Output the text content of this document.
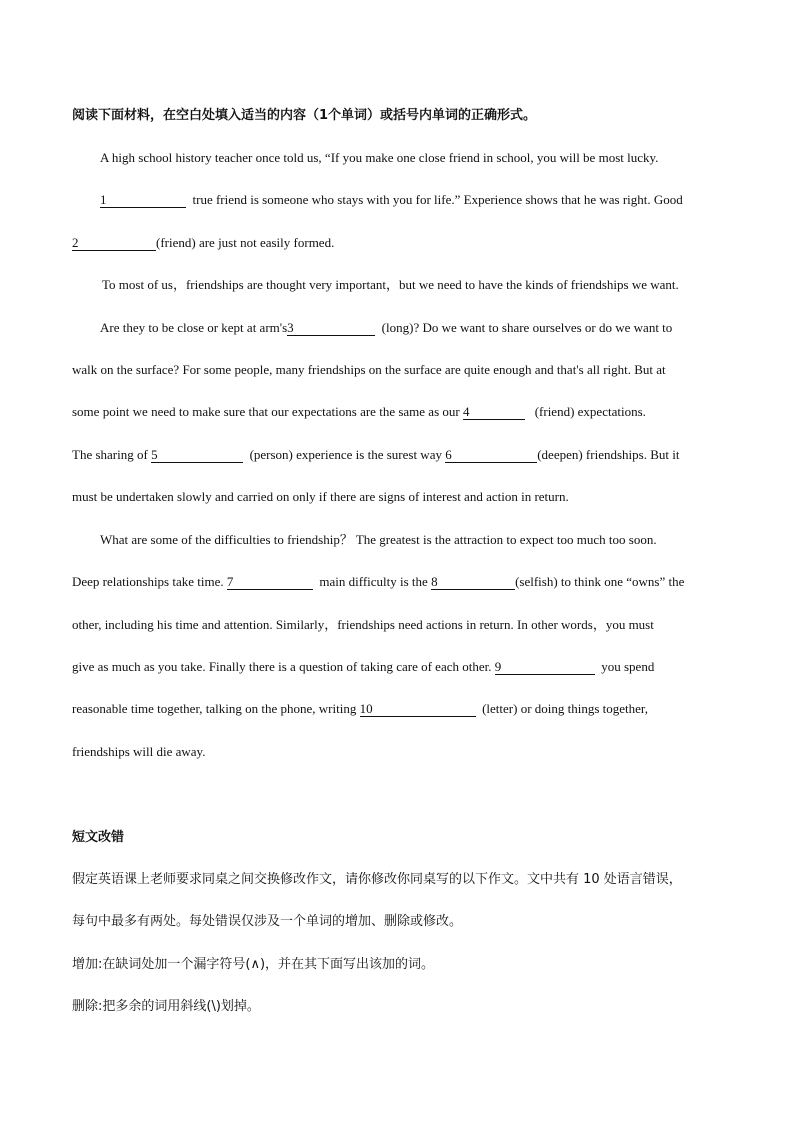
阅读下面材料，在空白处填入适当的内容（1个单词）或括号内单词的正确形式。
A high school history teacher once told us, “If you make one close friend in school, you will be most lucky.
1	true friend is someone who stays with you for life.” Experience shows that he was right. Good
2	(friend) are just not easily formed.
To most of us，friendships are thought very important，but we need to have the kinds of friendships we want.
Are they to be close or kept at arm's3	(long)? Do we want to share ourselves or do we want to
walk on the surface? For some people, many friendships on the surface are quite enough and that's all right. But at
some point we need to make sure that our expectations are the same as our 4	(friend) expectations.
The sharing of 5	(person) experience is the surest way 6	(deepen) friendships. But it
must be undertaken slowly and carried on only if there are signs of interest and action in return.
What are some of the difficulties to friendship？ The greatest is the attraction to expect too much too soon.
Deep relationships take time. 7	main difficulty is the 8	(selfish) to think one “owns” the
other, including his time and attention. Similarly，friendships need actions in return. In other words，you must
give as much as you take. Finally there is a question of taking care of each other. 9	you spend
reasonable time together, talking on the phone, writing 10	(letter) or doing things together,
friendships will die away.
短文改错
假定英语课上老师要求同桌之间交换修改作文，请你修改你同桌写的以下作文。文中共有 10 处语言错误，
每句中最多有两处。每处错误仅涉及一个单词的增加、删除或修改。
增加:在缺词处加一个漏字符号(∧)，并在其下面写出该加的词。
删除:把多余的词用斜线(\)划掉。
